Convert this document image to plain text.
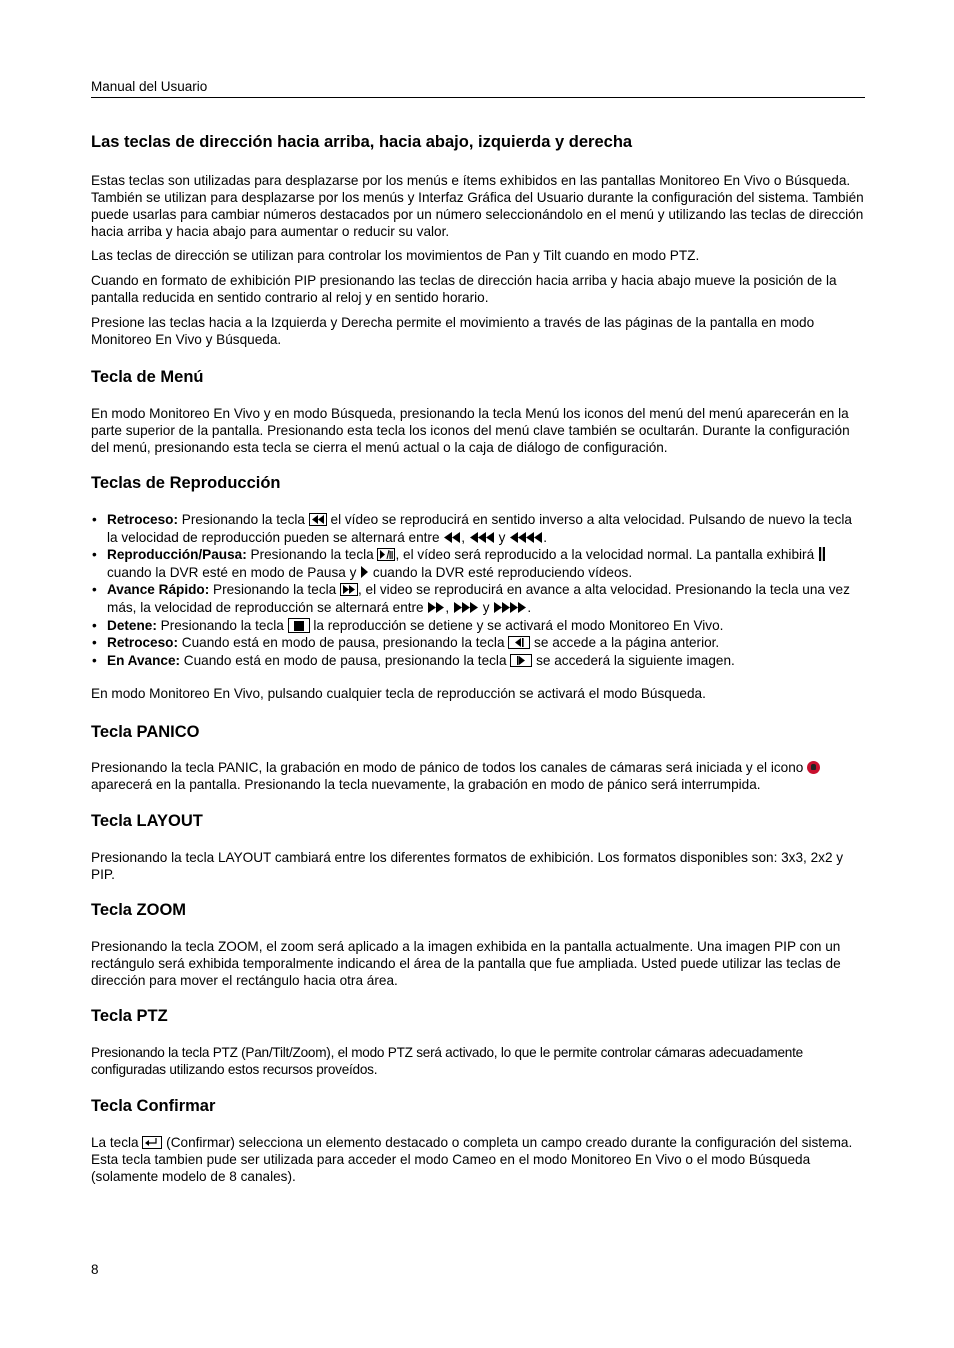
Manual del Usuario
Las teclas de dirección hacia arriba, hacia abajo, izquierda y derecha

Estas teclas son utilizadas para desplazarse por los menús e ítems exhibidos en las pantallas Monitoreo En Vivo o Búsqueda. También se utilizan para desplazarse por los menús y Interfaz Gráfica del Usuario durante la configuración del sistema. También puede usarlas para cambiar números destacados por un número seleccionándolo en el menú y utilizando las teclas de dirección hacia arriba y hacia abajo para aumentar o reducir su valor.

Las teclas de dirección se utilizan para controlar los movimientos de Pan y Tilt cuando en modo PTZ.

Cuando en formato de exhibición PIP presionando las teclas de dirección hacia arriba y hacia abajo mueve la posición de la pantalla reducida en sentido contrario al reloj y en sentido horario.

Presione las teclas hacia a la Izquierda y Derecha permite el movimiento a través de las páginas de la pantalla en modo Monitoreo En Vivo y Búsqueda.

Tecla de Menú

En modo Monitoreo En Vivo y en modo Búsqueda, presionando la tecla Menú los iconos del menú del menú aparecerán en la parte superior de la pantalla. Presionando esta tecla los iconos del menú clave también se ocultarán. Durante la configuración del menú, presionando esta tecla se cierra el menú actual o la caja de diálogo de configuración.

Teclas de Reproducción
• Retroceso: Presionando la tecla
el vídeo se reproducirá en sentido inverso a alta velocidad. Pulsando de nuevo la tecla la velocidad de reproducción pueden se alternará entre ,  y	.
• Reproducción/Pausa: Presionando la tecla
, el vídeo será reproducido a la velocidad normal. La pantalla exhibirá  cuando la DVR esté en modo de Pausa y  cuando la DVR esté reproduciendo vídeos.
• Avance Rápido: Presionando la tecla
, el video se reproducirá en avance a alta velocidad. Presionando la tecla una vez más, la velocidad de reproducción se alternará entre ,  y	.
• Detene: Presionando la tecla
la reproducción se detiene y se activará el modo Monitoreo En Vivo.
• Retroceso: Cuando está en modo de pausa, presionando la tecla
se accede a la página anterior.
• En Avance: Cuando está en modo de pausa, presionando la tecla
se accederá la siguiente imagen.

En modo Monitoreo En Vivo, pulsando cualquier tecla de reproducción se activará el modo Búsqueda.

Tecla PANICO

Presionando la tecla PANIC, la grabación en modo de pánico de todos los canales de cámaras será iniciada y el icono  aparecerá en la pantalla. Presionando la tecla nuevamente, la grabación en modo de pánico será interrumpida.

Tecla LAYOUT

Presionando la tecla LAYOUT cambiará entre los diferentes formatos de exhibición. Los formatos disponibles son: 3x3, 2x2 y PIP.

Tecla ZOOM

Presionando la tecla ZOOM, el zoom será aplicado a la imagen exhibida en la pantalla actualmente. Una imagen PIP con un rectángulo será exhibida temporalmente indicando el área de la pantalla que fue ampliada. Usted puede utilizar las teclas de dirección para mover el rectángulo hacia otra área.

Tecla PTZ

Presionando la tecla PTZ (Pan/Tilt/Zoom), el modo PTZ será activado, lo que le permite controlar cámaras adecuadamente configuradas utilizando estos recursos proveídos.

Tecla Confirmar

La tecla
(Confirmar) selecciona un elemento destacado o completa un campo creado durante la configuración del sistema. Esta tecla tambien pude ser utilizada para acceder el modo Cameo en el modo Monitoreo En Vivo o el modo Búsqueda (solamente modelo de 8 canales).

8
